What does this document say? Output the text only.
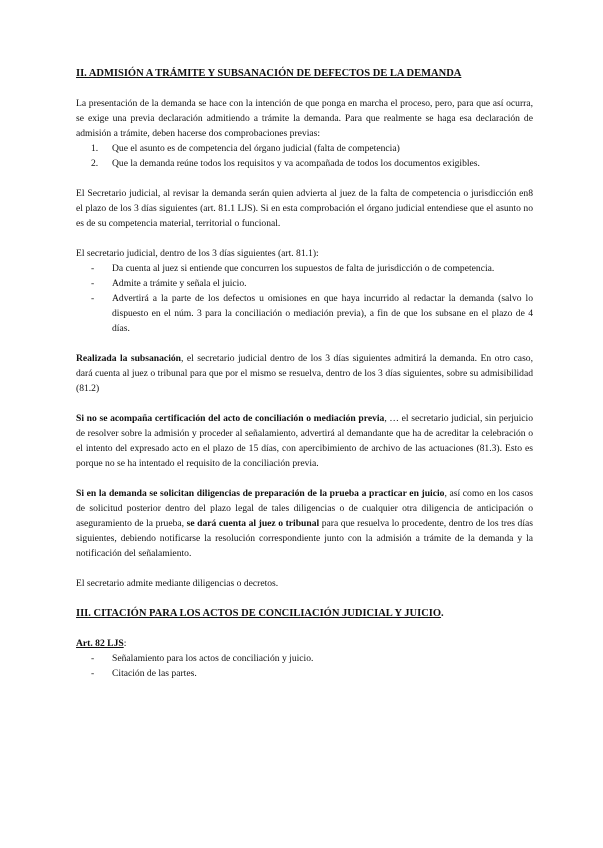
II. ADMISIÓN A TRÁMITE Y SUBSANACIÓN DE DEFECTOS DE LA DEMANDA

La presentación de la demanda se hace con la intención de que ponga en marcha el proceso, pero, para que así ocurra, se exige una previa declaración admitiendo a trámite la demanda. Para que realmente se haga esa declaración de admisión a trámite, deben hacerse dos comprobaciones previas:

1. Que el asunto es de competencia del órgano judicial (falta de competencia)
2. Que la demanda reúne todos los requisitos y va acompañada de todos los documentos exigibles.

El Secretario judicial, al revisar la demanda serán quien advierta al juez de la falta de competencia o jurisdicción en8 el plazo de los 3 días siguientes (art. 81.1 LJS). Si en esta comprobación el órgano judicial entendiese que el asunto no es de su competencia material, territorial o funcional.

El secretario judicial, dentro de los 3 días siguientes (art. 81.1):

- Da cuenta al juez si entiende que concurren los supuestos de falta de jurisdicción o de competencia.
- Admite a trámite y señala el juicio.
- Advertirá a la parte de los defectos u omisiones en que haya incurrido al redactar la demanda (salvo lo dispuesto en el núm. 3 para la conciliación o mediación previa), a fin de que los subsane en el plazo de 4 días.

Realizada la subsanación, el secretario judicial dentro de los 3 días siguientes admitirá la demanda. En otro caso, dará cuenta al juez o tribunal para que por el mismo se resuelva, dentro de los 3 días siguientes, sobre su admisibilidad (81.2)

Si no se acompaña certificación del acto de conciliación o mediación previa, … el secretario judicial, sin perjuicio de resolver sobre la admisión y proceder al señalamiento, advertirá al demandante que ha de acreditar la celebración o el intento del expresado acto en el plazo de 15 días, con apercibimiento de archivo de las actuaciones (81.3). Esto es porque no se ha intentado el requisito de la conciliación previa.

Si en la demanda se solicitan diligencias de preparación de la prueba a practicar en juicio, así como en los casos de solicitud posterior dentro del plazo legal de tales diligencias o de cualquier otra diligencia de anticipación o aseguramiento de la prueba, se dará cuenta al juez o tribunal para que resuelva lo procedente, dentro de los tres días siguientes, debiendo notificarse la resolución correspondiente junto con la admisión a trámite de la demanda y la notificación del señalamiento.

El secretario admite mediante diligencias o decretos.

III. CITACIÓN PARA LOS ACTOS DE CONCILIACIÓN JUDICIAL Y JUICIO.

Art. 82 LJS:

- Señalamiento para los actos de conciliación y juicio.
- Citación de las partes.
